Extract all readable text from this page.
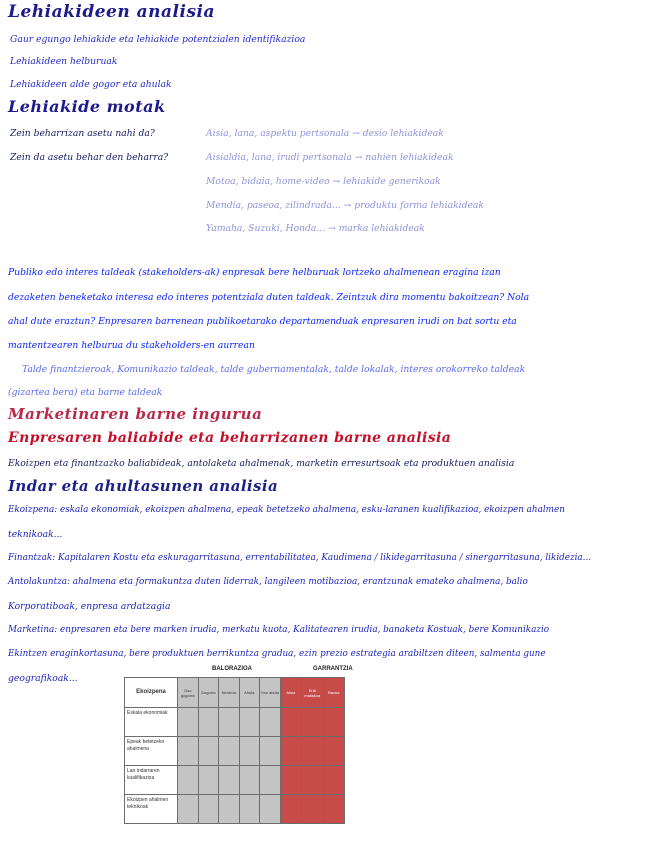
Lehiakideen analisia
Gaur egungo lehiakide eta lehiakide potentzialen identifikazioa
Lehiakideen helburuak
Lehiakideen alde gogor eta ahulak
Lehiakide motak
Zein beharrizan asetu nahi da?	Aisia, lana, aspektu pertsonala → desio lehiakideak
Zein da asetu behar den beharra?	Aisialdia, lana, irudi pertsonala → nahien lehiakideak
Motoa, bidaia, home-video → lehiakide generikoak
Mendia, paseoa, zilindrada... → produktu forma lehiakideak
Yamaha, Suzuki, Honda... → marka lehiakideak
Publiko edo interes taldeak (stakeholders-ak) enpresak bere helburuak lortzeko ahalmenean eragina izan
dezaketen beneketako interesa edo interes potentziala duten taldeak. Zeintzuk dira momentu bakoitzean? Nola
ahal dute eraztun? Enpresaren barrenean publikoetarako departamenduak enpresaren irudi on bat sortu eta
mantentzearen helburua du stakeholders-en aurrean
Talde finantzieroak, Komunikazio taldeak, talde gubernamentalak, talde lokalak, interes orokorreko taldeak
(gizartea bera) eta barne taldeak
Marketinaren barne ingurua
Enpresaren baliabide eta beharrizanen barne analisia
Ekoizpen eta finantzazko baliabideak, antolaketa ahalmenak, marketin erresurtsoak eta produktuen analisia
Indar eta ahultasunen analisia
Ekoizpena: eskala ekonomiak, ekoizpen ahalmena, epeak betetzeko ahalmena, esku-laranen kualifikazioa, ekoizpen ahalmen
teknikoak...
Finantzak: Kapitalaren Kostu eta eskuragarritasuna, errentabilitatea, Kaudimena / likidegarritasuna / sinergarritasuna, likidezia...
Antolakuntza: ahalmena eta formakuntza duten liderrak, langileen motibazioa, erantzunak emateko ahalmena, balio
Korporatiboak, enpresa ardatzagia
Marketina: enpresaren eta bere marken irudia, merkatu kuota, Kalitatearen irudia, banaketa Kostuak, bere Komunikazio
Ekintzen eraginkortasuna, bere produktuen berrikuntza gradua, ezin prezio estrategia arabiltzen diteen, salmenta gune
geografikoak...
BALORAZIOA	GARRANTZIA
Ekoizpena	Oso gogorra	Gogorra	Neutroa	Ahula	Oso ahula	Altua	Erdi mailakoa	Baxua
Eskala ekonomiak								
Epeak betetzeko ahalmena								
Lan indarraren kualifikazioa								
Ekoizpen ahalmen teknikoak								
